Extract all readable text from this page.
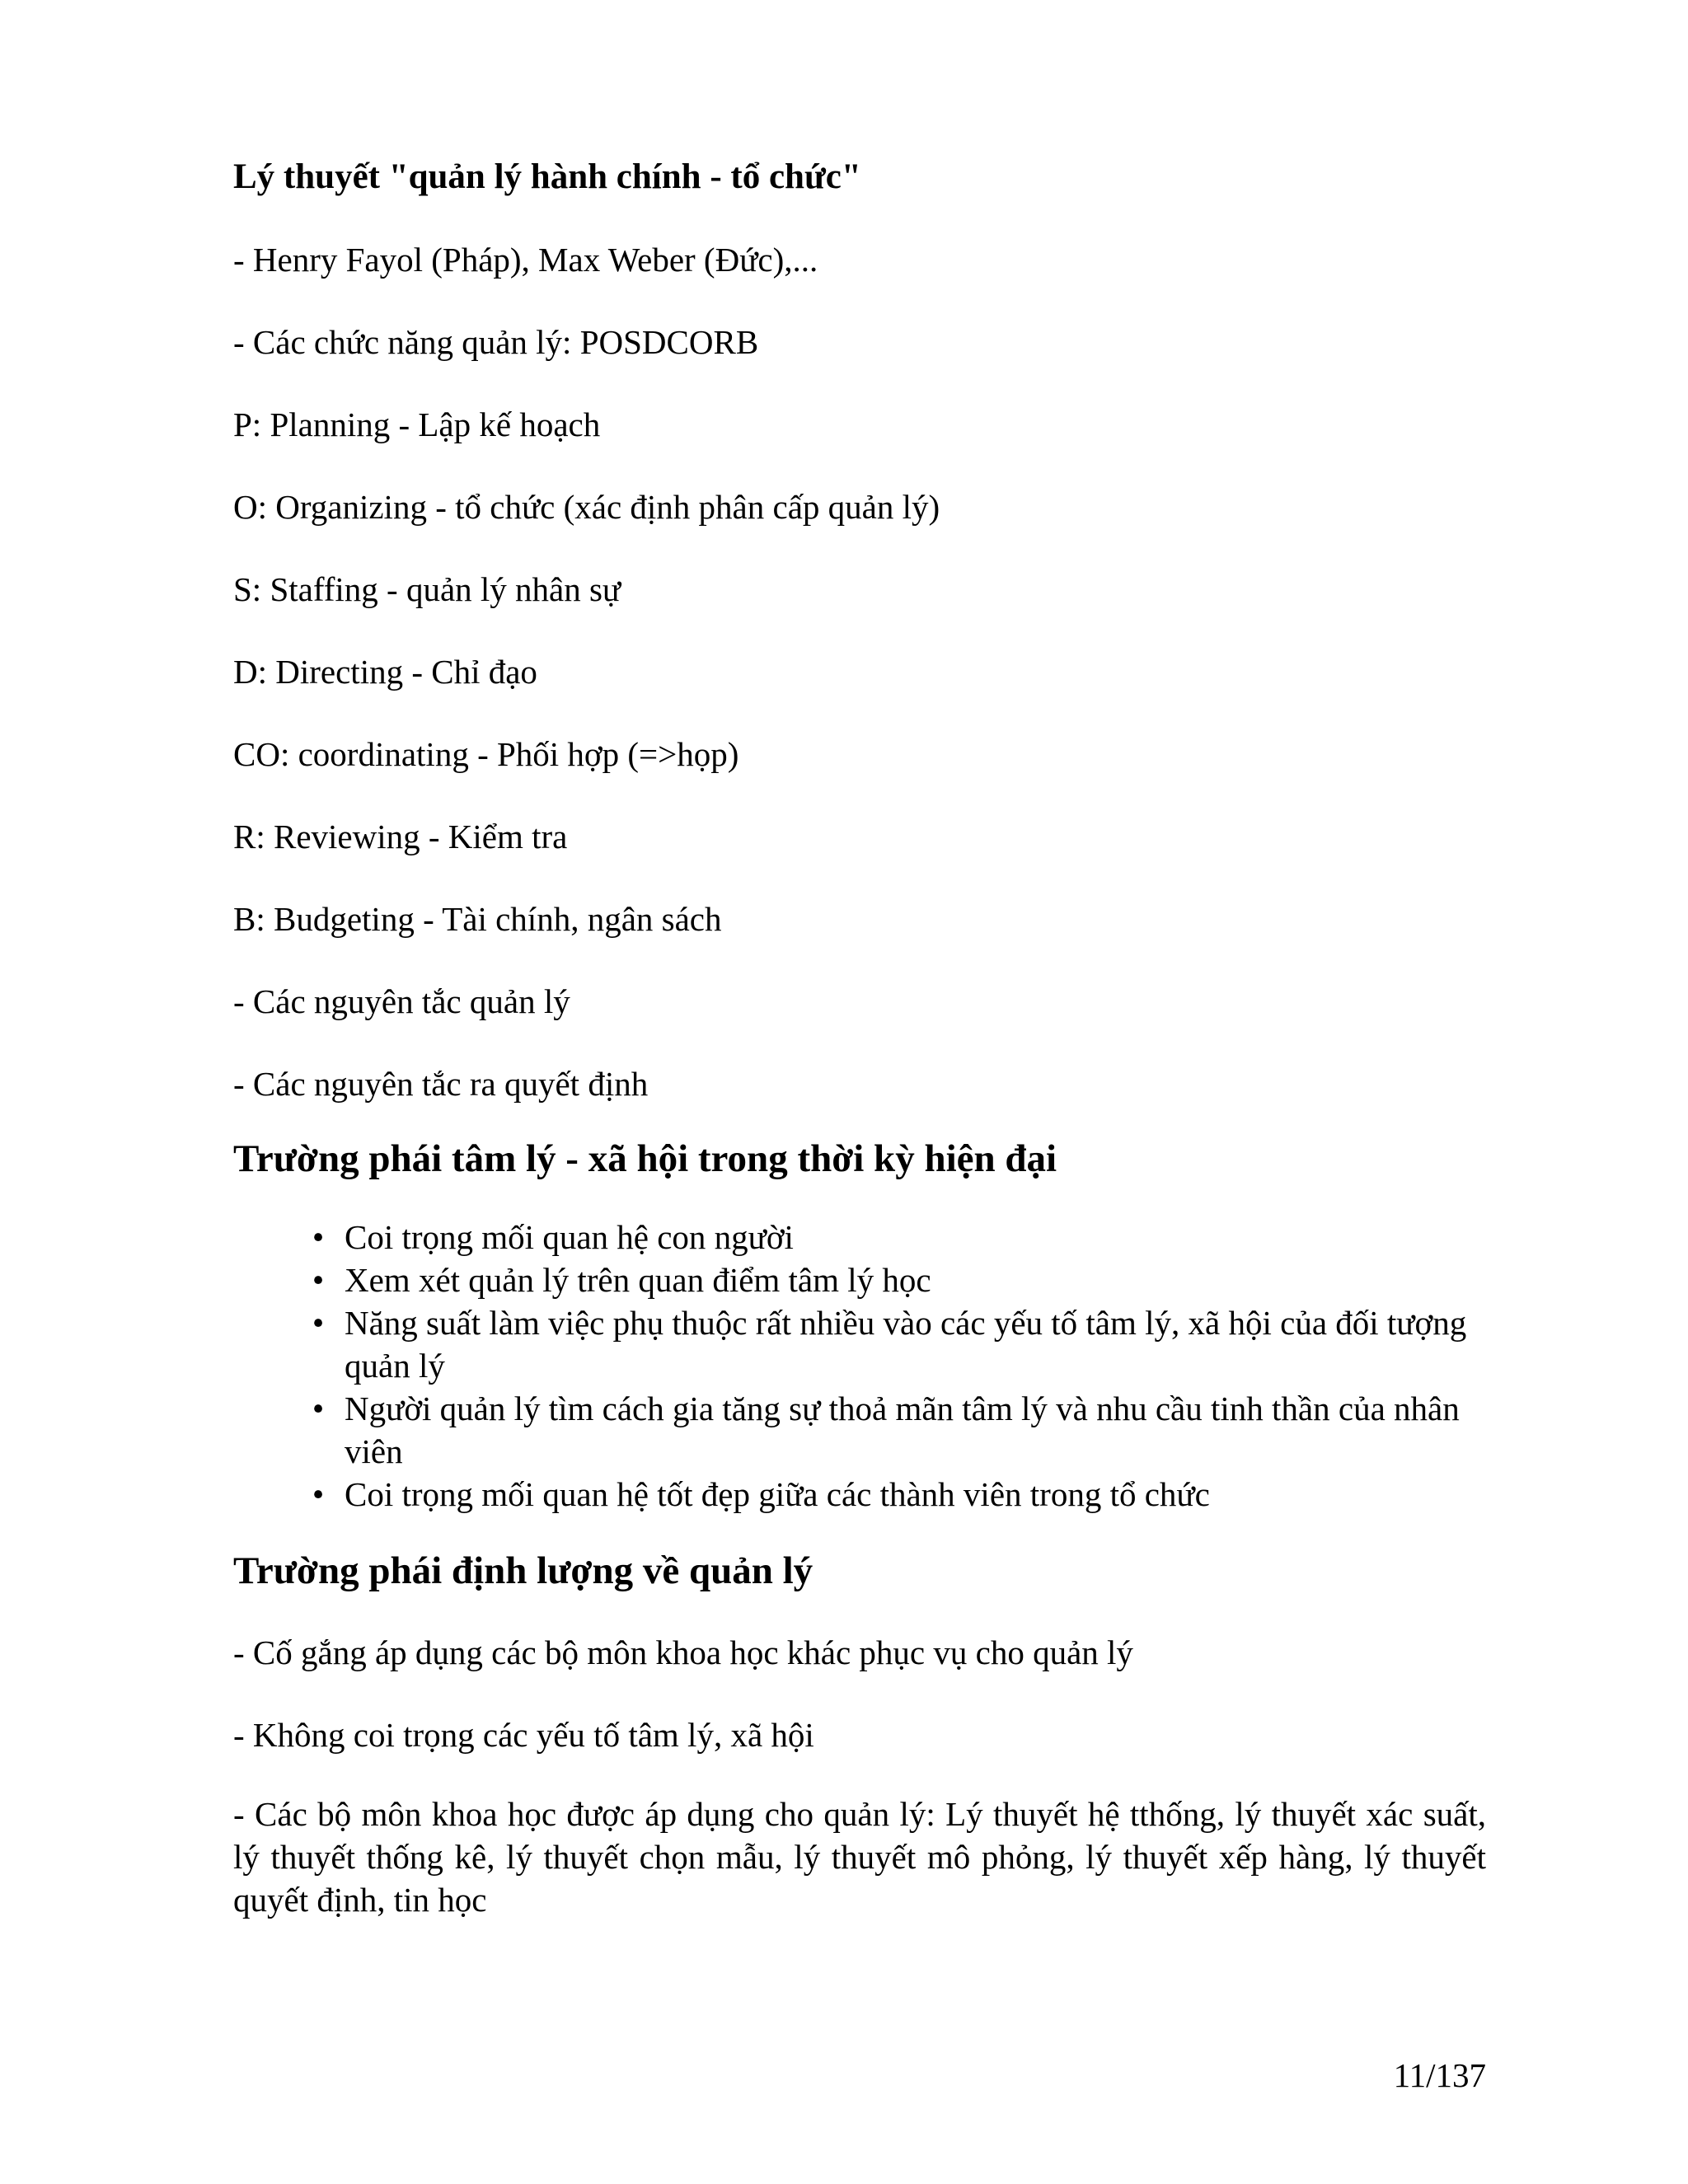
Lý thuyết "quản lý hành chính - tổ chức"
- Henry Fayol (Pháp), Max Weber (Đức),...
- Các chức năng quản lý: POSDCORB
P: Planning - Lập kế hoạch
O: Organizing - tổ chức (xác định phân cấp quản lý)
S: Staffing - quản lý nhân sự
D: Directing - Chỉ đạo
CO: coordinating - Phối hợp (=>họp)
R: Reviewing - Kiểm tra
B: Budgeting - Tài chính, ngân sách
- Các nguyên tắc quản lý
- Các nguyên tắc ra quyết định
Trường phái tâm lý - xã hội trong thời kỳ hiện đại
• Coi trọng mối quan hệ con người
• Xem xét quản lý trên quan điểm tâm lý học
• Năng suất làm việc phụ thuộc rất nhiều vào các yếu tố tâm lý, xã hội của đối tượng quản lý
• Người quản lý tìm cách gia tăng sự thoả mãn tâm lý và nhu cầu tinh thần của nhân viên
• Coi trọng mối quan hệ tốt đẹp giữa các thành viên trong tổ chức
Trường phái định lượng về quản lý
- Cố gắng áp dụng các bộ môn khoa học khác phục vụ cho quản lý
- Không coi trọng các yếu tố tâm lý, xã hội
- Các bộ môn khoa học được áp dụng cho quản lý: Lý thuyết hệ tthống, lý thuyết xác suất, lý thuyết thống kê, lý thuyết chọn mẫu, lý thuyết mô phỏng, lý thuyết xếp hàng, lý thuyết quyết định, tin học
11/137
